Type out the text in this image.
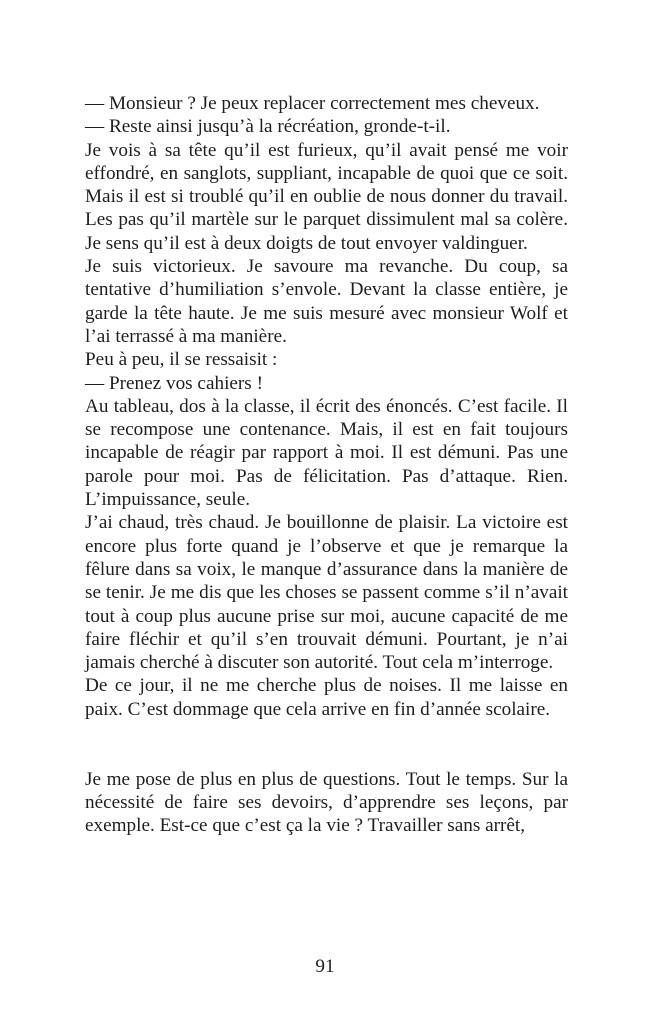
— Monsieur ? Je peux replacer correctement mes cheveux.

— Reste ainsi jusqu’à la récréation, gronde-t-il.

Je vois à sa tête qu’il est furieux, qu’il avait pensé me voir effondré, en sanglots, suppliant, incapable de quoi que ce soit. Mais il est si troublé qu’il en oublie de nous donner du travail. Les pas qu’il martèle sur le parquet dissimulent mal sa colère. Je sens qu’il est à deux doigts de tout envoyer valdinguer.

Je suis victorieux. Je savoure ma revanche. Du coup, sa tentative d’humiliation s’envole. Devant la classe entière, je garde la tête haute. Je me suis mesuré avec monsieur Wolf et l’ai terrassé à ma manière.

Peu à peu, il se ressaisit :

— Prenez vos cahiers !

Au tableau, dos à la classe, il écrit des énoncés. C’est facile. Il se recompose une contenance. Mais, il est en fait toujours incapable de réagir par rapport à moi. Il est démuni. Pas une parole pour moi. Pas de félicitation. Pas d’attaque. Rien. L’impuissance, seule.

J’ai chaud, très chaud. Je bouillonne de plaisir. La victoire est encore plus forte quand je l’observe et que je remarque la fêlure dans sa voix, le manque d’assurance dans la manière de se tenir. Je me dis que les choses se passent comme s’il n’avait tout à coup plus aucune prise sur moi, aucune capacité de me faire fléchir et qu’il s’en trouvait démuni. Pourtant, je n’ai jamais cherché à discuter son autorité. Tout cela m’interroge.

De ce jour, il ne me cherche plus de noises. Il me laisse en paix. C’est dommage que cela arrive en fin d’année scolaire.

Je me pose de plus en plus de questions. Tout le temps. Sur la nécessité de faire ses devoirs, d’apprendre ses leçons, par exemple. Est-ce que c’est ça la vie ? Travailler sans arrêt,

91
